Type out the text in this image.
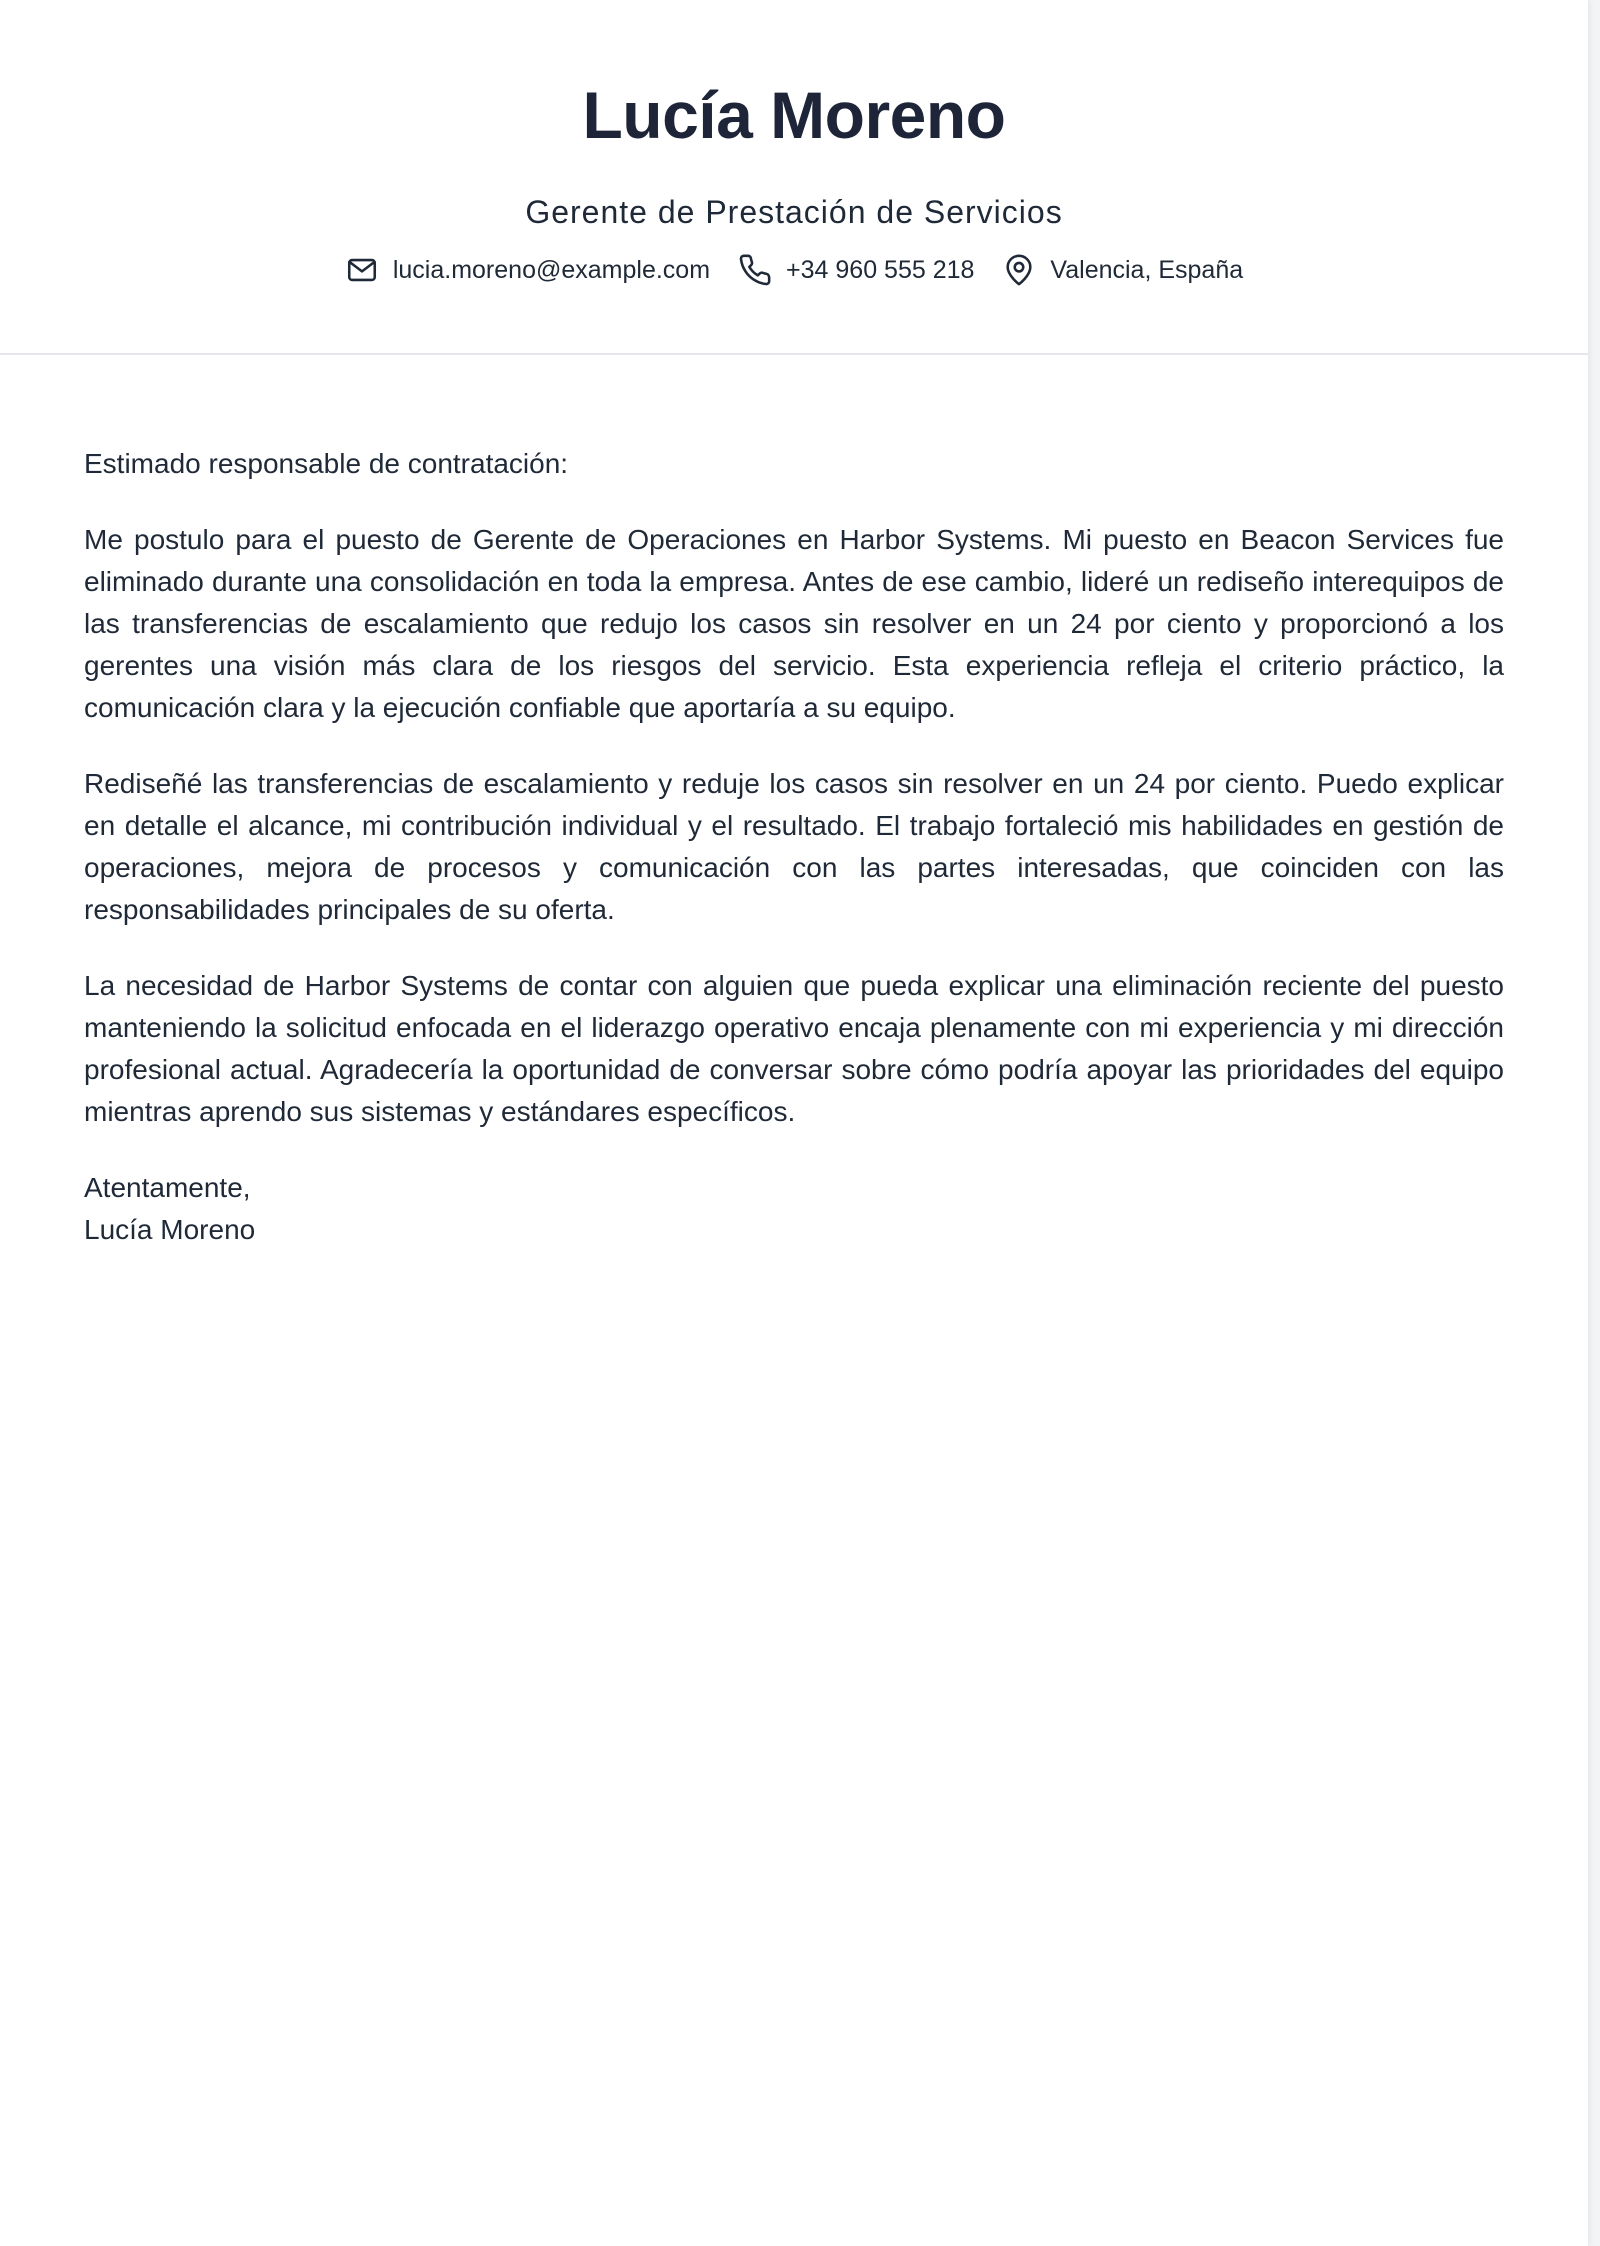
Lucía Moreno

Gerente de Prestación de Servicios

lucia.moreno@example.com	+34 960 555 218	Valencia, España

Estimado responsable de contratación:

Me postulo para el puesto de Gerente de Operaciones en Harbor Systems. Mi puesto en Beacon Services fue eliminado durante una consolidación en toda la empresa. Antes de ese cambio, lideré un rediseño interequipos de las transferencias de escalamiento que redujo los casos sin resolver en un 24 por ciento y proporcionó a los gerentes una visión más clara de los riesgos del servicio. Esta experiencia refleja el criterio práctico, la comunicación clara y la ejecución confiable que aportaría a su equipo.

Rediseñé las transferencias de escalamiento y reduje los casos sin resolver en un 24 por ciento. Puedo explicar en detalle el alcance, mi contribución individual y el resultado. El trabajo fortaleció mis habilidades en gestión de operaciones, mejora de procesos y comunicación con las partes interesadas, que coinciden con las responsabilidades principales de su oferta.

La necesidad de Harbor Systems de contar con alguien que pueda explicar una eliminación reciente del puesto manteniendo la solicitud enfocada en el liderazgo operativo encaja plenamente con mi experiencia y mi dirección profesional actual. Agradecería la oportunidad de conversar sobre cómo podría apoyar las prioridades del equipo mientras aprendo sus sistemas y estándares específicos.

Atentamente,
Lucía Moreno
